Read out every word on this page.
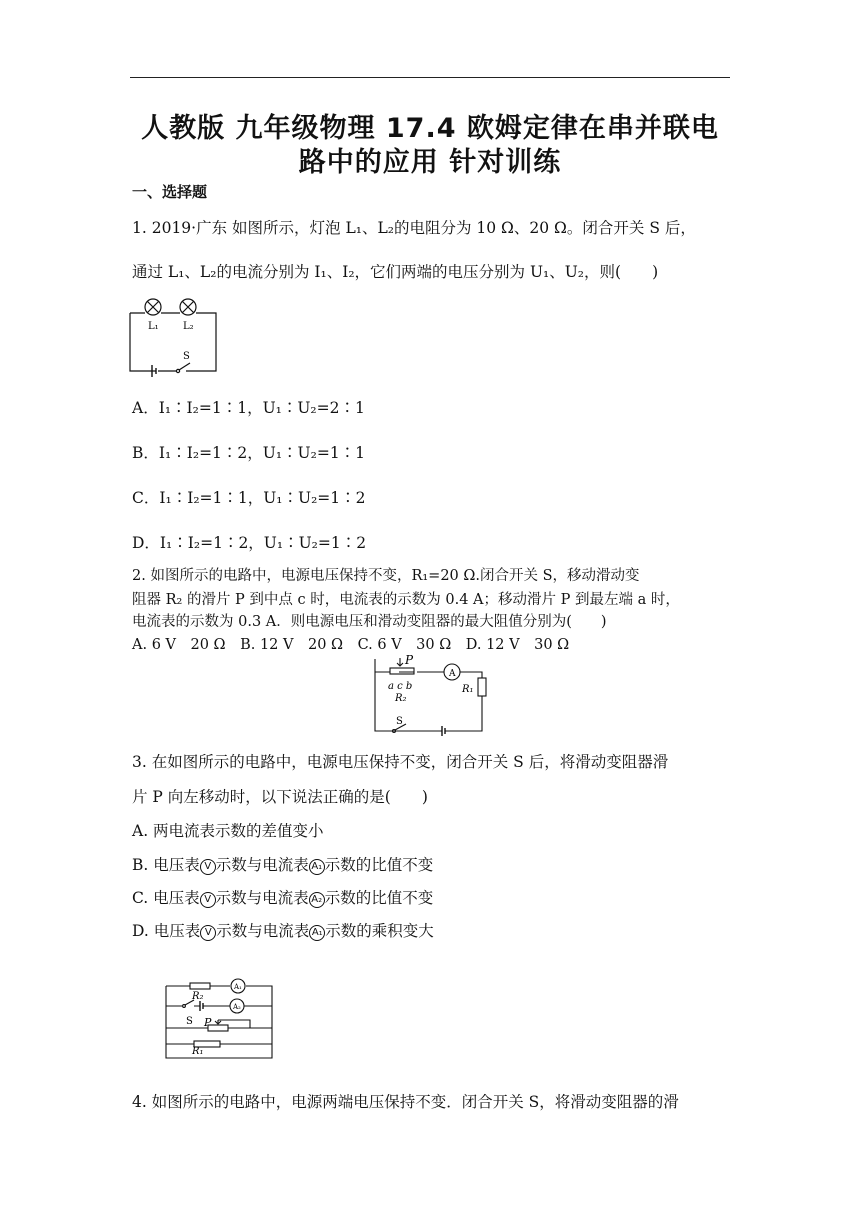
人教版 九年级物理 17.4 欧姆定律在串并联电
路中的应用 针对训练
一、选择题
1. 2019·广东 如图所示，灯泡 L₁、L₂的电阻分为 10 Ω、20 Ω。闭合开关 S 后，
通过 L₁、L₂的电流分别为 I₁、I₂，它们两端的电压分别为 U₁、U₂，则(　　)
L₁ L₂
S
A．I₁∶I₂=1∶1，U₁∶U₂=2∶1
B．I₁∶I₂=1∶2，U₁∶U₂=1∶1
C．I₁∶I₂=1∶1，U₁∶U₂=1∶2
D．I₁∶I₂=1∶2，U₁∶U₂=1∶2
2. 如图所示的电路中，电源电压保持不变，R₁=20 Ω.闭合开关 S，移动滑动变
阻器 R₂ 的滑片 P 到中点 c 时，电流表的示数为 0.4 A；移动滑片 P 到最左端 a 时，
电流表的示数为 0.3 A．则电源电压和滑动变阻器的最大阻值分别为(　　)
A. 6 V　20 Ω　B. 12 V　20 Ω　C. 6 V　30 Ω　D. 12 V　30 Ω
P
A
a c b
R₂
R₁
S
3. 在如图所示的电路中，电源电压保持不变，闭合开关 S 后，将滑动变阻器滑
片 P 向左移动时，以下说法正确的是(　　)
A. 两电流表示数的差值变小
B. 电压表 V 示数与电流表 A₁ 示数的比值不变
C. 电压表 V 示数与电流表 A₂ 示数的比值不变
D. 电压表 V 示数与电流表 A₁ 示数的乘积变大
R₂
A₁
A₂
S P
R₁
4. 如图所示的电路中，电源两端电压保持不变．闭合开关 S，将滑动变阻器的滑
